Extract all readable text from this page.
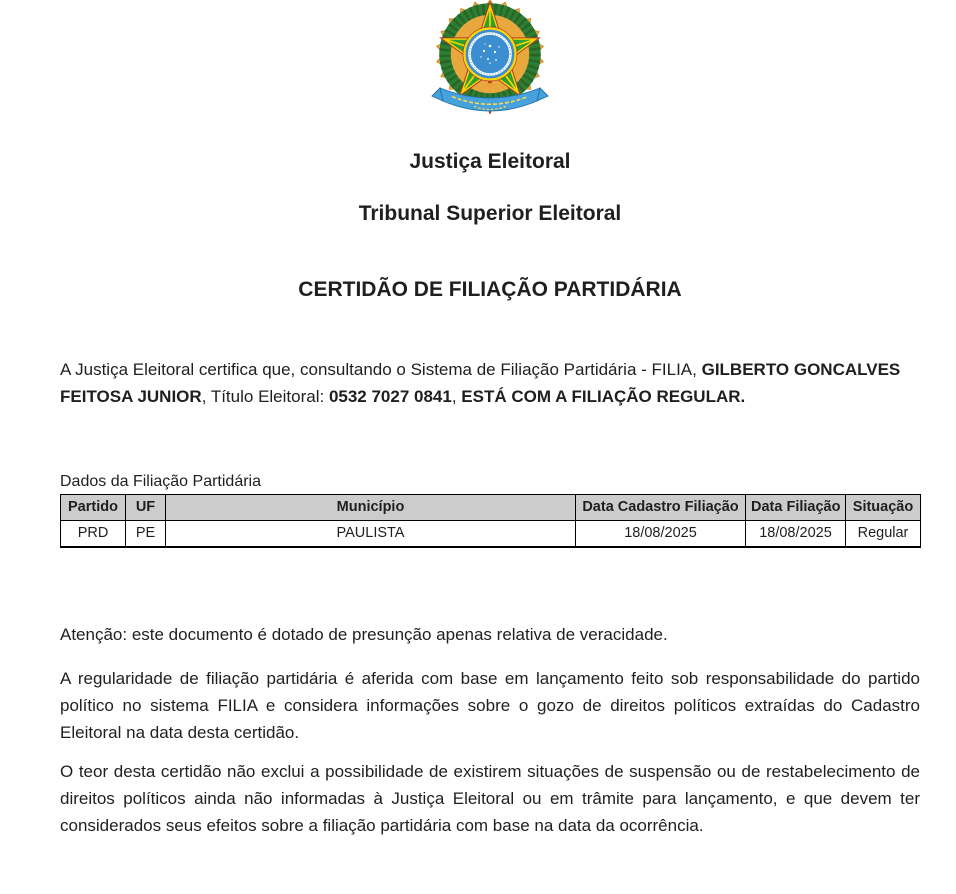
Justiça Eleitoral
Tribunal Superior Eleitoral
CERTIDÃO DE FILIAÇÃO PARTIDÁRIA

A Justiça Eleitoral certifica que, consultando o Sistema de Filiação Partidária - FILIA, GILBERTO GONCALVES FEITOSA JUNIOR, Título Eleitoral: 0532 7027 0841, ESTÁ COM A FILIAÇÃO REGULAR.

Dados da Filiação Partidária
Partido	UF	Município	Data Cadastro Filiação	Data Filiação	Situação
PRD	PE	PAULISTA	18/08/2025	18/08/2025	Regular

Atenção: este documento é dotado de presunção apenas relativa de veracidade.

A regularidade de filiação partidária é aferida com base em lançamento feito sob responsabilidade do partido político no sistema FILIA e considera informações sobre o gozo de direitos políticos extraídas do Cadastro Eleitoral na data desta certidão.

O teor desta certidão não exclui a possibilidade de existirem situações de suspensão ou de restabelecimento de direitos políticos ainda não informadas à Justiça Eleitoral ou em trâmite para lançamento, e que devem ter considerados seus efeitos sobre a filiação partidária com base na data da ocorrência.
